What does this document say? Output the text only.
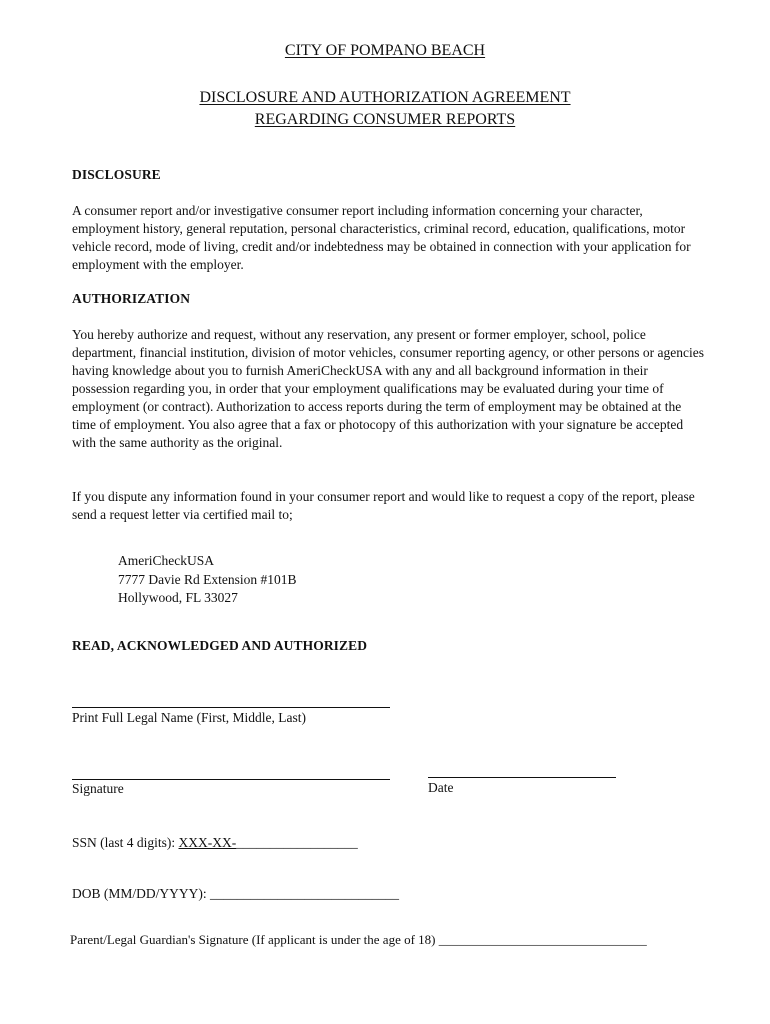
CITY OF POMPANO BEACH
DISCLOSURE AND AUTHORIZATION AGREEMENT
REGARDING CONSUMER REPORTS
DISCLOSURE
A consumer report and/or investigative consumer report including information concerning your character, employment history, general reputation, personal characteristics, criminal record, education, qualifications, motor vehicle record, mode of living, credit and/or indebtedness may be obtained in connection with your application for employment with the employer.
AUTHORIZATION
You hereby authorize and request, without any reservation, any present or former employer, school, police department, financial institution, division of motor vehicles, consumer reporting agency, or other persons or agencies having knowledge about you to furnish AmeriCheckUSA with any and all background information in their possession regarding you, in order that your employment qualifications may be evaluated during your time of employment (or contract). Authorization to access reports during the term of employment may be obtained at the time of employment. You also agree that a fax or photocopy of this authorization with your signature be accepted with the same authority as the original.
If you dispute any information found in your consumer report and would like to request a copy of the report, please send a request letter via certified mail to;
AmeriCheckUSA
7777 Davie Rd Extension #101B
Hollywood, FL 33027
READ, ACKNOWLEDGED AND AUTHORIZED
Print Full Legal Name (First, Middle, Last)
Signature	Date
SSN (last 4 digits): XXX-XX-__________________
DOB (MM/DD/YYYY): ____________________________
Parent/Legal Guardian's Signature (If applicant is under the age of 18) ________________________________
